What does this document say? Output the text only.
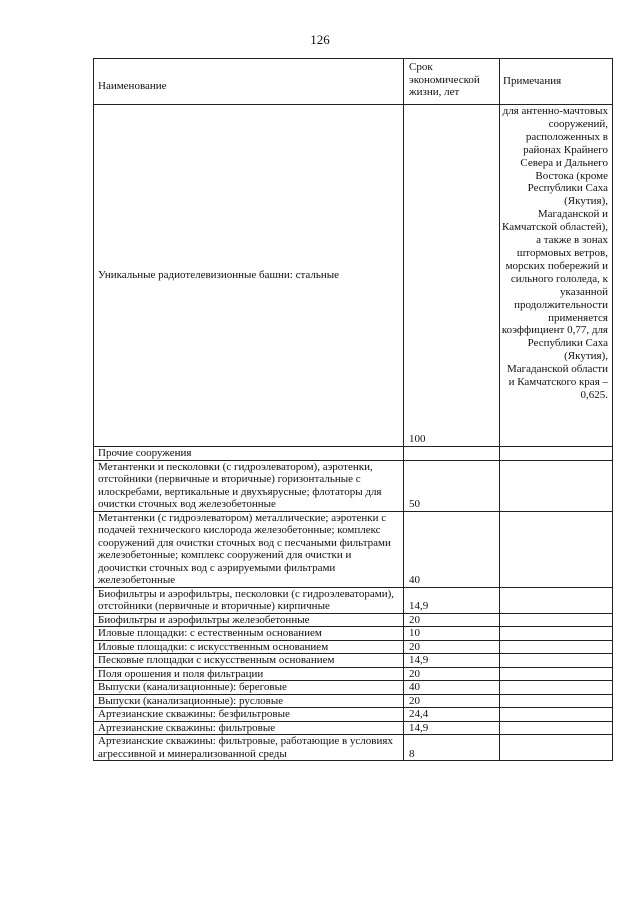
126
Наименование	Срок экономической жизни, лет	Примечания
Уникальные радиотелевизионные башни: стальные	100	для антенно-мачтовых сооружений, расположенных в районах Крайнего Севера и Дальнего Востока (кроме Республики Саха (Якутия), Магаданской и Камчатской областей), а также в зонах штормовых ветров, морских побережий и сильного гололеда, к указанной продолжительности применяется коэффициент 0,77, для Республики Саха (Якутия), Магаданской области и Камчатского края – 0,625.
Прочие сооружения		
Метантенки и песколовки (с гидроэлеватором), аэротенки, отстойники (первичные и вторичные) горизонтальные с илоскребами, вертикальные и двухъярусные; флотаторы для очистки сточных вод железобетонные	50	
Метантенки (с гидроэлеватором) металлические; аэротенки с подачей технического кислорода железобетонные; комплекс сооружений для очистки сточных вод с песчаными фильтрами железобетонные; комплекс сооружений для очистки и доочистки сточных вод с аэрируемыми фильтрами железобетонные	40	
Биофильтры и аэрофильтры, песколовки (с гидроэлеваторами), отстойники (первичные и вторичные) кирпичные	14,9	
Биофильтры и аэрофильтры железобетонные	20	
Иловые площадки: с естественным основанием	10	
Иловые площадки: с искусственным основанием	20	
Песковые площадки с искусственным основанием	14,9	
Поля орошения и поля фильтрации	20	
Выпуски (канализационные): береговые	40	
Выпуски (канализационные): русловые	20	
Артезианские скважины: безфильтровые	24,4	
Артезианские скважины: фильтровые	14,9	
Артезианские скважины: фильтровые, работающие в условиях агрессивной и минерализованной среды	8	
